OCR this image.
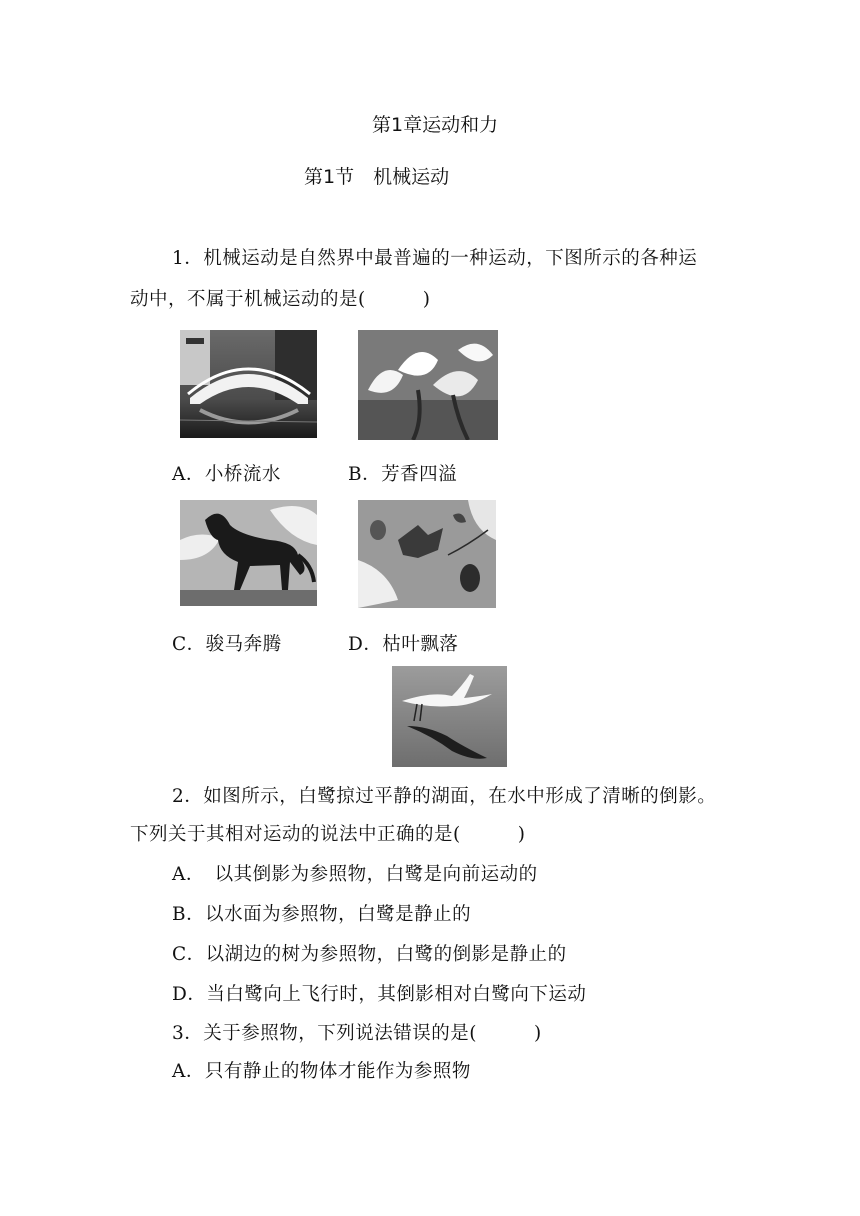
第1章运动和力
第1节　机械运动
1．机械运动是自然界中最普遍的一种运动，下图所示的各种运
动中，不属于机械运动的是(　　　)
A．小桥流水	B．芳香四溢
C．骏马奔腾	D．枯叶飘落
2．如图所示，白鹭掠过平静的湖面，在水中形成了清晰的倒影。
下列关于其相对运动的说法中正确的是(　　　)
A．　以其倒影为参照物，白鹭是向前运动的
B．以水面为参照物，白鹭是静止的
C．以湖边的树为参照物，白鹭的倒影是静止的
D．当白鹭向上飞行时，其倒影相对白鹭向下运动
3．关于参照物，下列说法错误的是(　　　)
A．只有静止的物体才能作为参照物
